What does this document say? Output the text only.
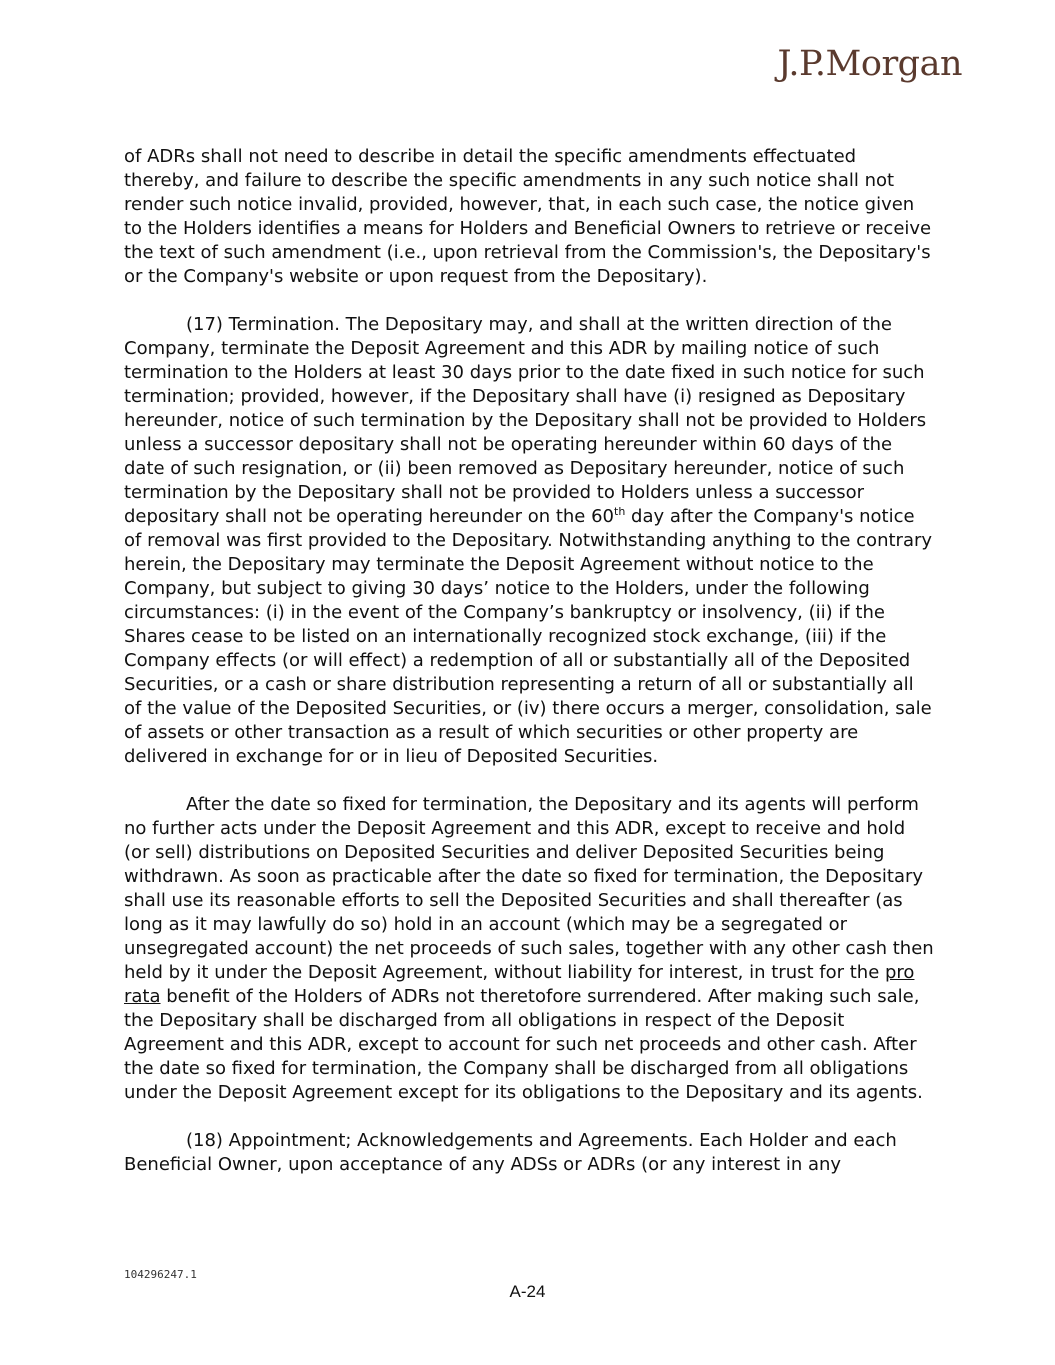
J.P.Morgan

of ADRs shall not need to describe in detail the specific amendments effectuated thereby, and failure to describe the specific amendments in any such notice shall not render such notice invalid, provided, however, that, in each such case, the notice given to the Holders identifies a means for Holders and Beneficial Owners to retrieve or receive the text of such amendment (i.e., upon retrieval from the Commission's, the Depositary's or the Company's website or upon request from the Depositary).

(17) Termination. The Depositary may, and shall at the written direction of the Company, terminate the Deposit Agreement and this ADR by mailing notice of such termination to the Holders at least 30 days prior to the date fixed in such notice for such termination; provided, however, if the Depositary shall have (i) resigned as Depositary hereunder, notice of such termination by the Depositary shall not be provided to Holders unless a successor depositary shall not be operating hereunder within 60 days of the date of such resignation, or (ii) been removed as Depositary hereunder, notice of such termination by the Depositary shall not be provided to Holders unless a successor depositary shall not be operating hereunder on the 60th day after the Company's notice of removal was first provided to the Depositary. Notwithstanding anything to the contrary herein, the Depositary may terminate the Deposit Agreement without notice to the Company, but subject to giving 30 days’ notice to the Holders, under the following circumstances: (i) in the event of the Company’s bankruptcy or insolvency, (ii) if the Shares cease to be listed on an internationally recognized stock exchange, (iii) if the Company effects (or will effect) a redemption of all or substantially all of the Deposited Securities, or a cash or share distribution representing a return of all or substantially all of the value of the Deposited Securities, or (iv) there occurs a merger, consolidation, sale of assets or other transaction as a result of which securities or other property are delivered in exchange for or in lieu of Deposited Securities.

After the date so fixed for termination, the Depositary and its agents will perform no further acts under the Deposit Agreement and this ADR, except to receive and hold (or sell) distributions on Deposited Securities and deliver Deposited Securities being withdrawn. As soon as practicable after the date so fixed for termination, the Depositary shall use its reasonable efforts to sell the Deposited Securities and shall thereafter (as long as it may lawfully do so) hold in an account (which may be a segregated or unsegregated account) the net proceeds of such sales, together with any other cash then held by it under the Deposit Agreement, without liability for interest, in trust for the pro rata benefit of the Holders of ADRs not theretofore surrendered. After making such sale, the Depositary shall be discharged from all obligations in respect of the Deposit Agreement and this ADR, except to account for such net proceeds and other cash. After the date so fixed for termination, the Company shall be discharged from all obligations under the Deposit Agreement except for its obligations to the Depositary and its agents.

(18) Appointment; Acknowledgements and Agreements. Each Holder and each Beneficial Owner, upon acceptance of any ADSs or ADRs (or any interest in any

104296247.1
A-24
